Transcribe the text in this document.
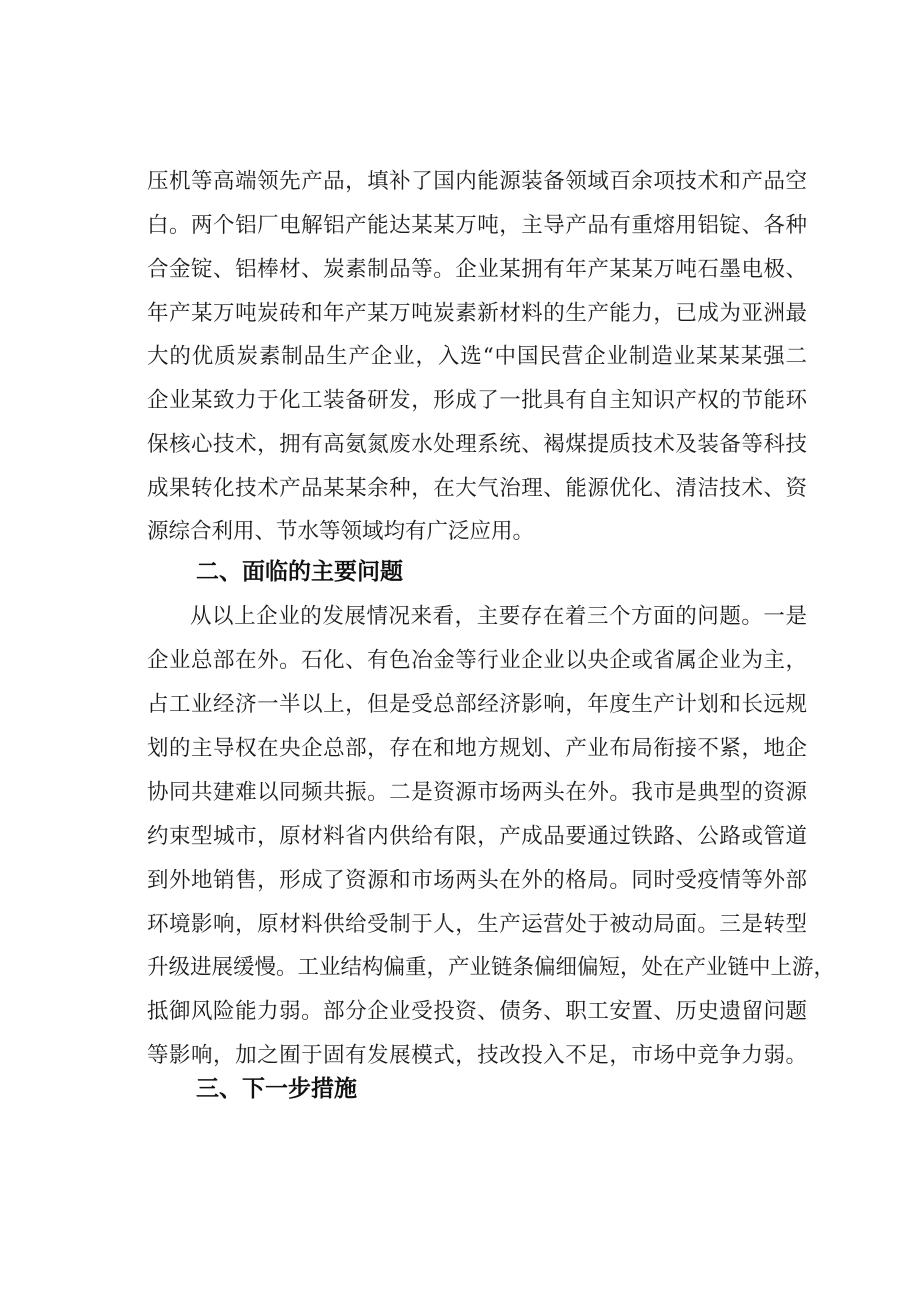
压机等高端领先产品，填补了国内能源装备领域百余项技术和产品空
白。两个铝厂电解铝产能达某某万吨，主导产品有重熔用铝锭、各种
合金锭、铝棒材、炭素制品等。企业某拥有年产某某万吨石墨电极、
年产某万吨炭砖和年产某万吨炭素新材料的生产能力，已成为亚洲最
大的优质炭素制品生产企业，入选“中国民营企业制造业某某某强二
企业某致力于化工装备研发，形成了一批具有自主知识产权的节能环
保核心技术，拥有高氨氮废水处理系统、褐煤提质技术及装备等科技
成果转化技术产品某某余种，在大气治理、能源优化、清洁技术、资
源综合利用、节水等领域均有广泛应用。
二、面临的主要问题
从以上企业的发展情况来看，主要存在着三个方面的问题。一是
企业总部在外。石化、有色冶金等行业企业以央企或省属企业为主，
占工业经济一半以上，但是受总部经济影响，年度生产计划和长远规
划的主导权在央企总部，存在和地方规划、产业布局衔接不紧，地企
协同共建难以同频共振。二是资源市场两头在外。我市是典型的资源
约束型城市，原材料省内供给有限，产成品要通过铁路、公路或管道
到外地销售，形成了资源和市场两头在外的格局。同时受疫情等外部
环境影响，原材料供给受制于人，生产运营处于被动局面。三是转型
升级进展缓慢。工业结构偏重，产业链条偏细偏短，处在产业链中上游，
抵御风险能力弱。部分企业受投资、债务、职工安置、历史遗留问题
等影响，加之囿于固有发展模式，技改投入不足，市场中竞争力弱。
三、下一步措施
